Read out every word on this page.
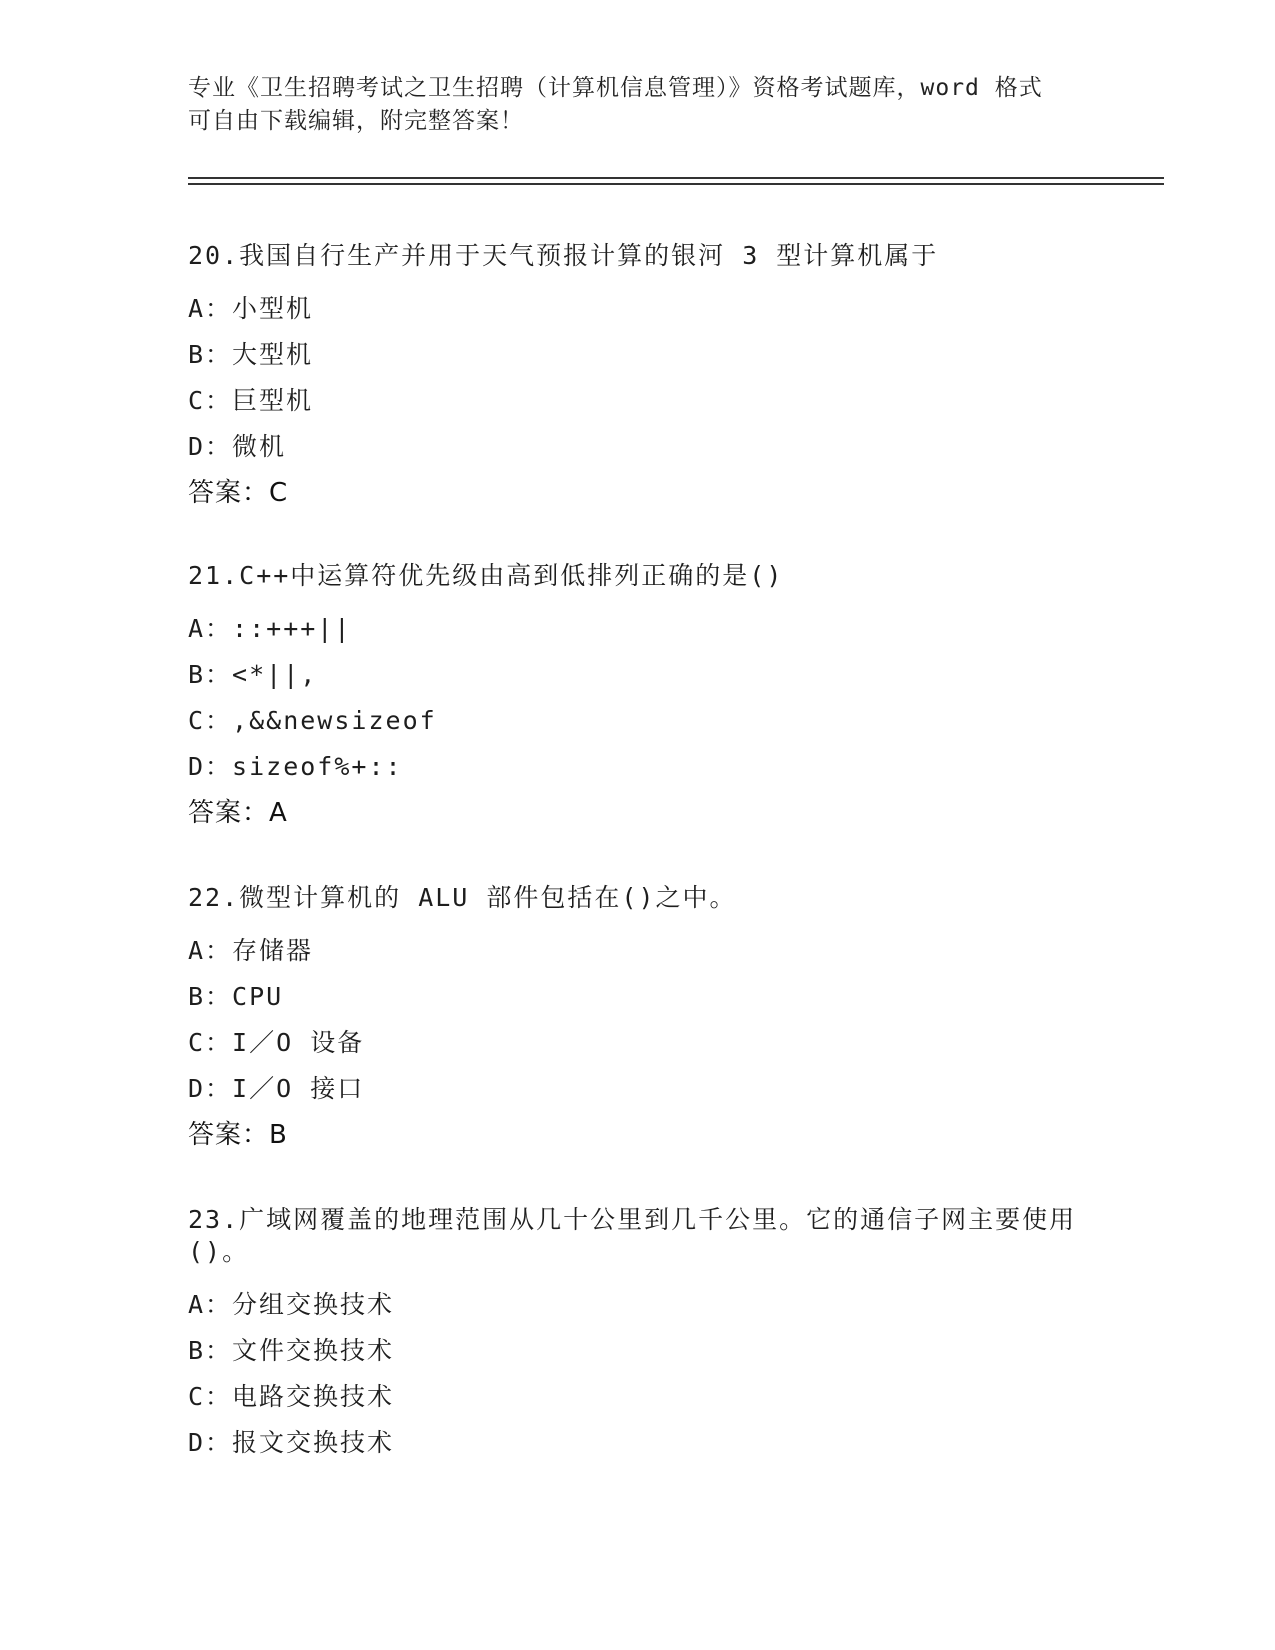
专业《卫生招聘考试之卫生招聘（计算机信息管理）》资格考试题库，word 格式
可自由下载编辑，附完整答案！
20.我国自行生产并用于天气预报计算的银河 3 型计算机属于
A：小型机
B：大型机
C：巨型机
D：微机
答案：C
21.C++中运算符优先级由高到低排列正确的是()
A：::+++||
B：<*||,
C：,&&newsizeof
D：sizeof%+::
答案：A
22.微型计算机的 ALU 部件包括在()之中。
A：存储器
B：CPU
C：I／O 设备
D：I／O 接口
答案：B
23.广域网覆盖的地理范围从几十公里到几千公里。它的通信子网主要使用()。
A：分组交换技术
B：文件交换技术
C：电路交换技术
D：报文交换技术
